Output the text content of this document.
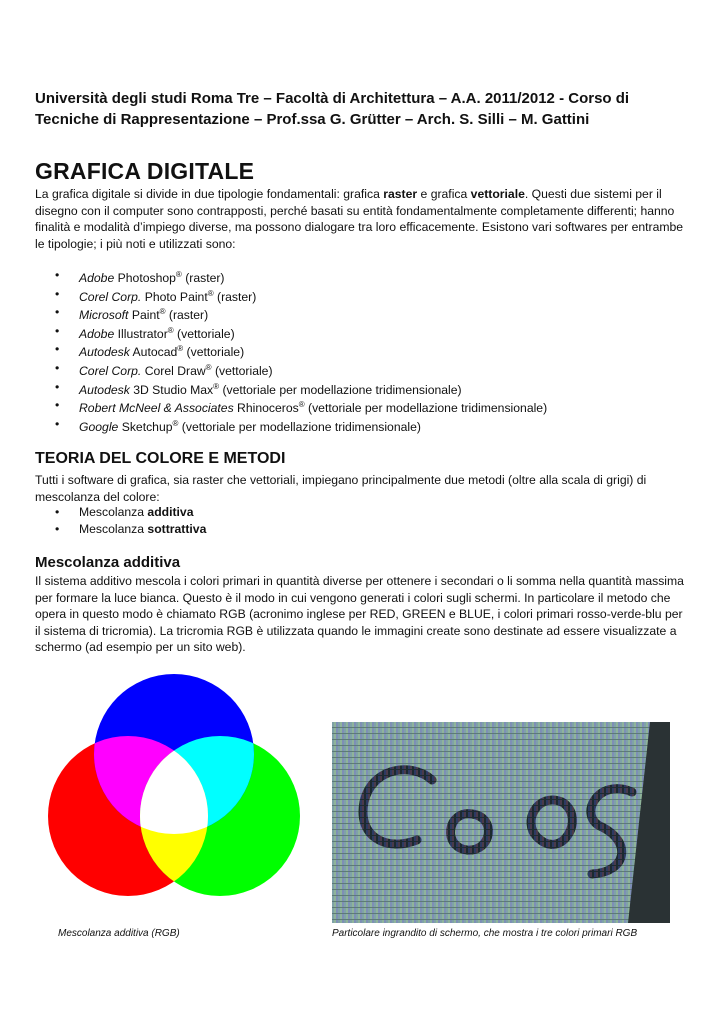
Università degli studi Roma Tre – Facoltà di Architettura – A.A. 2011/2012 - Corso di
Tecniche di Rappresentazione – Prof.ssa G. Grütter – Arch. S. Silli – M. Gattini
GRAFICA DIGITALE
La grafica digitale si divide in due tipologie fondamentali: grafica raster e grafica vettoriale. Questi due sistemi per il disegno con il computer sono contrapposti, perché basati su entità fondamentalmente completamente differenti; hanno finalità e modalità d’impiego diverse, ma possono dialogare tra loro efficacemente. Esistono vari softwares per entrambe le tipologie; i più noti e utilizzati sono:
• Adobe Photoshop® (raster)
• Corel Corp. Photo Paint® (raster)
• Microsoft Paint® (raster)
• Adobe Illustrator® (vettoriale)
• Autodesk Autocad® (vettoriale)
• Corel Corp. Corel Draw® (vettoriale)
• Autodesk 3D Studio Max® (vettoriale per modellazione tridimensionale)
• Robert McNeel & Associates Rhinoceros® (vettoriale per modellazione tridimensionale)
• Google Sketchup® (vettoriale per modellazione tridimensionale)
TEORIA DEL COLORE E METODI
Tutti i software di grafica, sia raster che vettoriali, impiegano principalmente due metodi (oltre alla scala di grigi) di mescolanza del colore:
• Mescolanza additiva
• Mescolanza sottrattiva
Mescolanza additiva
Il sistema additivo mescola i colori primari in quantità diverse per ottenere i secondari o li somma nella quantità massima per formare la luce bianca. Questo è il modo in cui vengono generati i colori sugli schermi. In particolare il metodo che opera in questo modo è chiamato RGB (acronimo inglese per RED, GREEN e BLUE, i colori primari rosso-verde-blu per il sistema di tricromia). La tricromia RGB è utilizzata quando le immagini create sono destinate ad essere visualizzate a schermo (ad esempio per un sito web).
Mescolanza additiva (RGB)	Particolare ingrandito di schermo, che mostra i tre colori primari RGB
